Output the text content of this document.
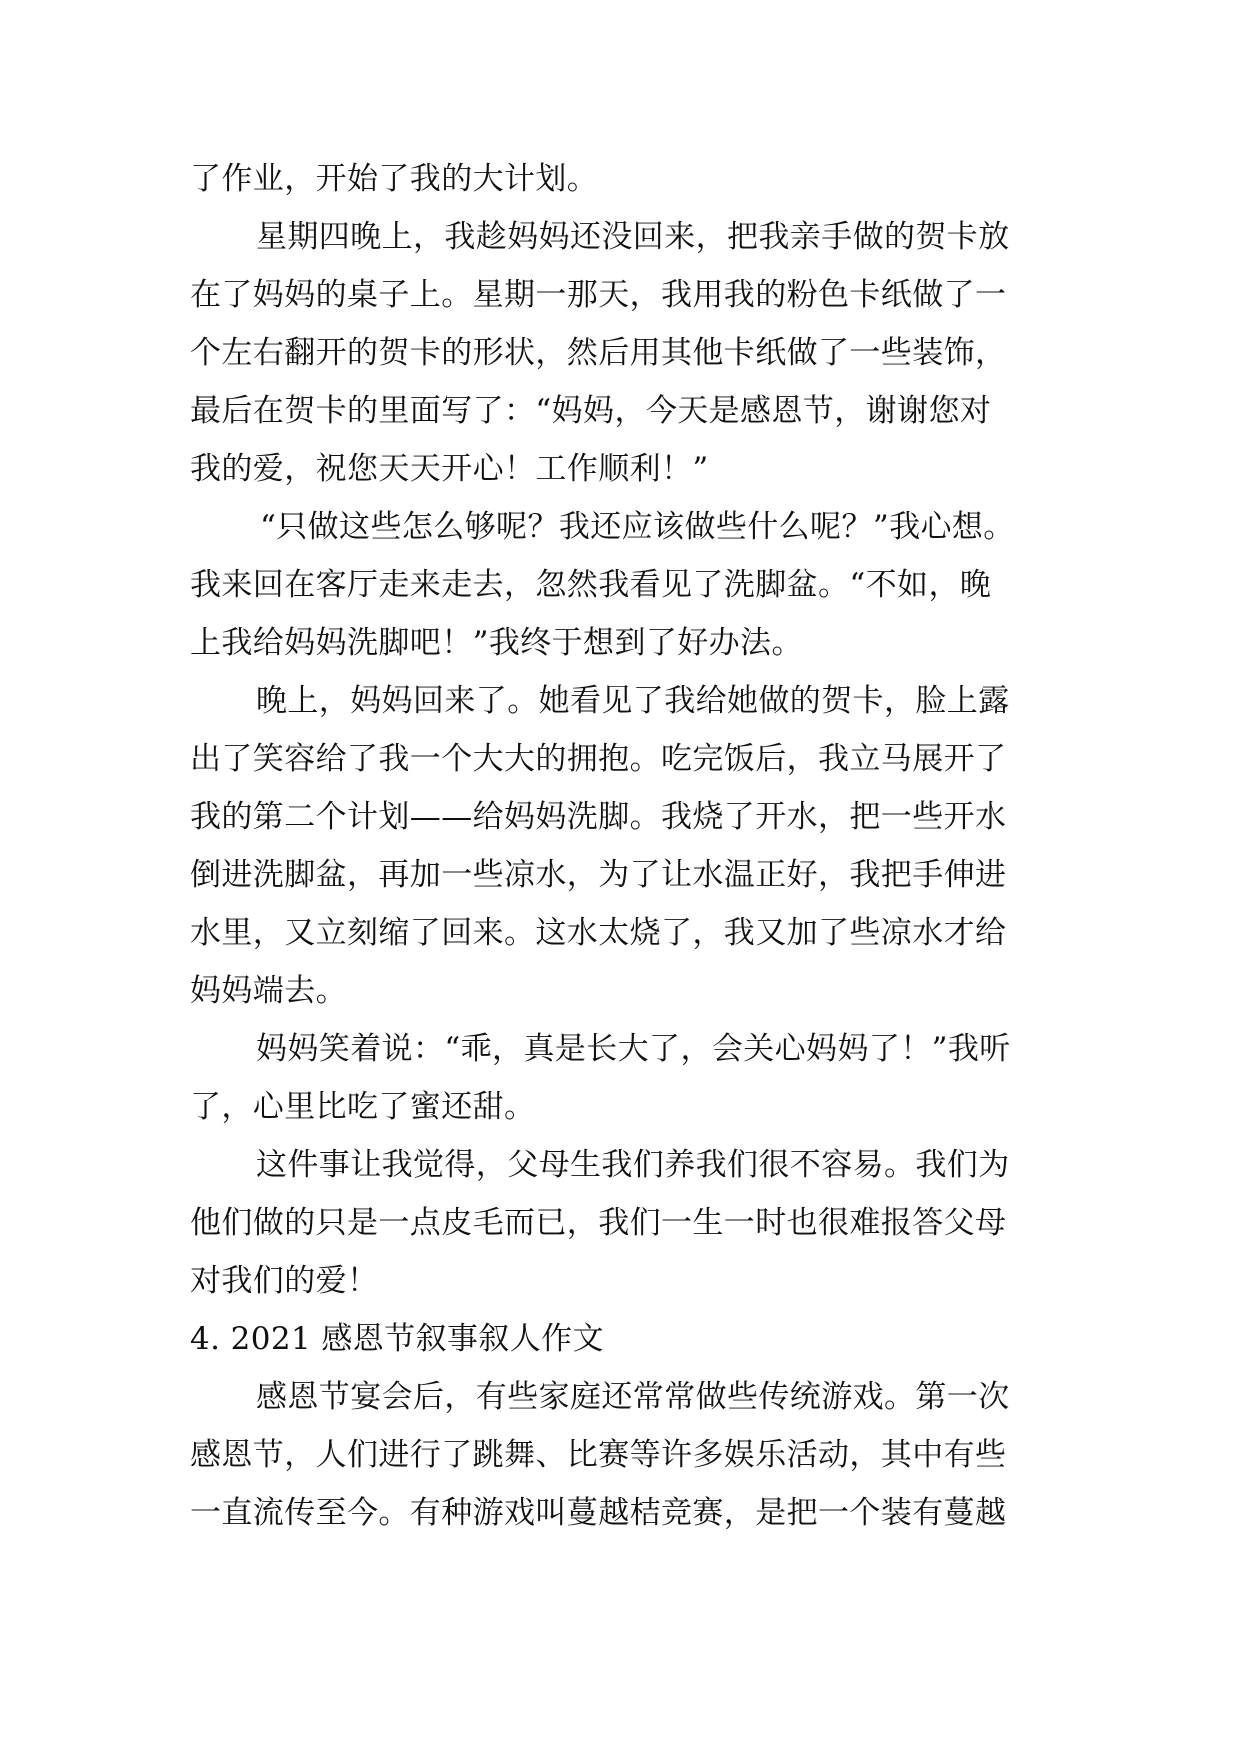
了作业，开始了我的大计划。
星期四晚上，我趁妈妈还没回来，把我亲手做的贺卡放
在了妈妈的桌子上。星期一那天，我用我的粉色卡纸做了一
个左右翻开的贺卡的形状，然后用其他卡纸做了一些装饰，
最后在贺卡的里面写了：“妈妈，今天是感恩节，谢谢您对
我的爱，祝您天天开心！工作顺利！”
“只做这些怎么够呢？我还应该做些什么呢？”我心想。
我来回在客厅走来走去，忽然我看见了洗脚盆。“不如，晚
上我给妈妈洗脚吧！”我终于想到了好办法。
晚上，妈妈回来了。她看见了我给她做的贺卡，脸上露
出了笑容给了我一个大大的拥抱。吃完饭后，我立马展开了
我的第二个计划——给妈妈洗脚。我烧了开水，把一些开水
倒进洗脚盆，再加一些凉水，为了让水温正好，我把手伸进
水里，又立刻缩了回来。这水太烧了，我又加了些凉水才给
妈妈端去。
妈妈笑着说：“乖，真是长大了，会关心妈妈了！”我听
了，心里比吃了蜜还甜。
这件事让我觉得，父母生我们养我们很不容易。我们为
他们做的只是一点皮毛而已，我们一生一时也很难报答父母
对我们的爱！
4. 2021 感恩节叙事叙人作文
感恩节宴会后，有些家庭还常常做些传统游戏。第一次
感恩节，人们进行了跳舞、比赛等许多娱乐活动，其中有些
一直流传至今。有种游戏叫蔓越桔竞赛，是把一个装有蔓越
